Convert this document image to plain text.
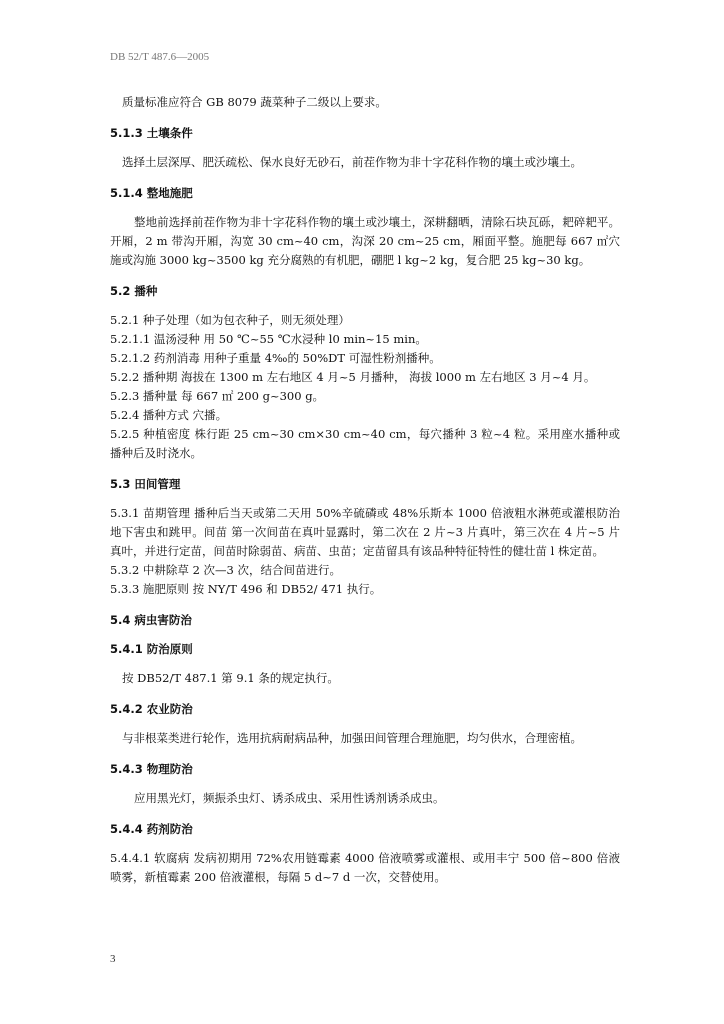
DB 52/T 487.6—2005

质量标准应符合 GB 8079 蔬菜种子二级以上要求。

5.1.3 土壤条件

选择土层深厚、肥沃疏松、保水良好无砂石，前茬作物为非十字花科作物的壤土或沙壤土。

5.1.4 整地施肥

整地前选择前茬作物为非十字花科作物的壤土或沙壤土，深耕翻晒，清除石块瓦砾，耙碎耙平。开厢，2 m 带沟开厢，沟宽 30 cm~40 cm，沟深 20 cm~25 cm，厢面平整。施肥每 667 ㎡穴施或沟施 3000 kg~3500 kg 充分腐熟的有机肥，硼肥 l kg~2 kg，复合肥 25 kg~30 kg。

5.2 播种

5.2.1 种子处理（如为包衣种子，则无须处理）

5.2.1.1 温汤浸种 用 50 ℃~55 ℃水浸种 l0 min~15 min。

5.2.1.2 药剂消毒 用种子重量 4‰的 50%DT 可湿性粉剂播种。

5.2.2 播种期 海拔在 1300 m 左右地区 4 月~5 月播种， 海拔 l000 m 左右地区 3 月~4 月。

5.2.3 播种量 每 667 ㎡ 200 g~300 g。

5.2.4 播种方式 穴播。

5.2.5 种植密度 株行距 25 cm~30 cm×30 cm~40 cm，每穴播种 3 粒~4 粒。采用座水播种或播种后及时浇水。

5.3 田间管理

5.3.1 苗期管理 播种后当天或第二天用 50%辛硫磷或 48%乐斯本 1000 倍液粗水淋蔸或灌根防治地下害虫和跳甲。间苗 第一次间苗在真叶显露时，第二次在 2 片~3 片真叶，第三次在 4 片~5 片真叶，并进行定苗，间苗时除弱苗、病苗、虫苗；定苗留具有该品种特征特性的健壮苗 l 株定苗。

5.3.2 中耕除草 2 次—3 次，结合间苗进行。

5.3.3 施肥原则 按 NY/T 496 和 DB52/ 471 执行。

5.4 病虫害防治

5.4.1 防治原则

按 DB52/T 487.1 第 9.1 条的规定执行。

5.4.2 农业防治

与非根菜类进行轮作，选用抗病耐病品种，加强田间管理合理施肥，均匀供水，合理密植。

5.4.3 物理防治

应用黑光灯，频振杀虫灯、诱杀成虫、采用性诱剂诱杀成虫。

5.4.4 药剂防治

5.4.4.1 软腐病 发病初期用 72%农用链霉素 4000 倍液喷雾或灌根、或用丰宁 500 倍~800 倍液喷雾，新植霉素 200 倍液灌根，每隔 5 d~7 d 一次，交替使用。

3
